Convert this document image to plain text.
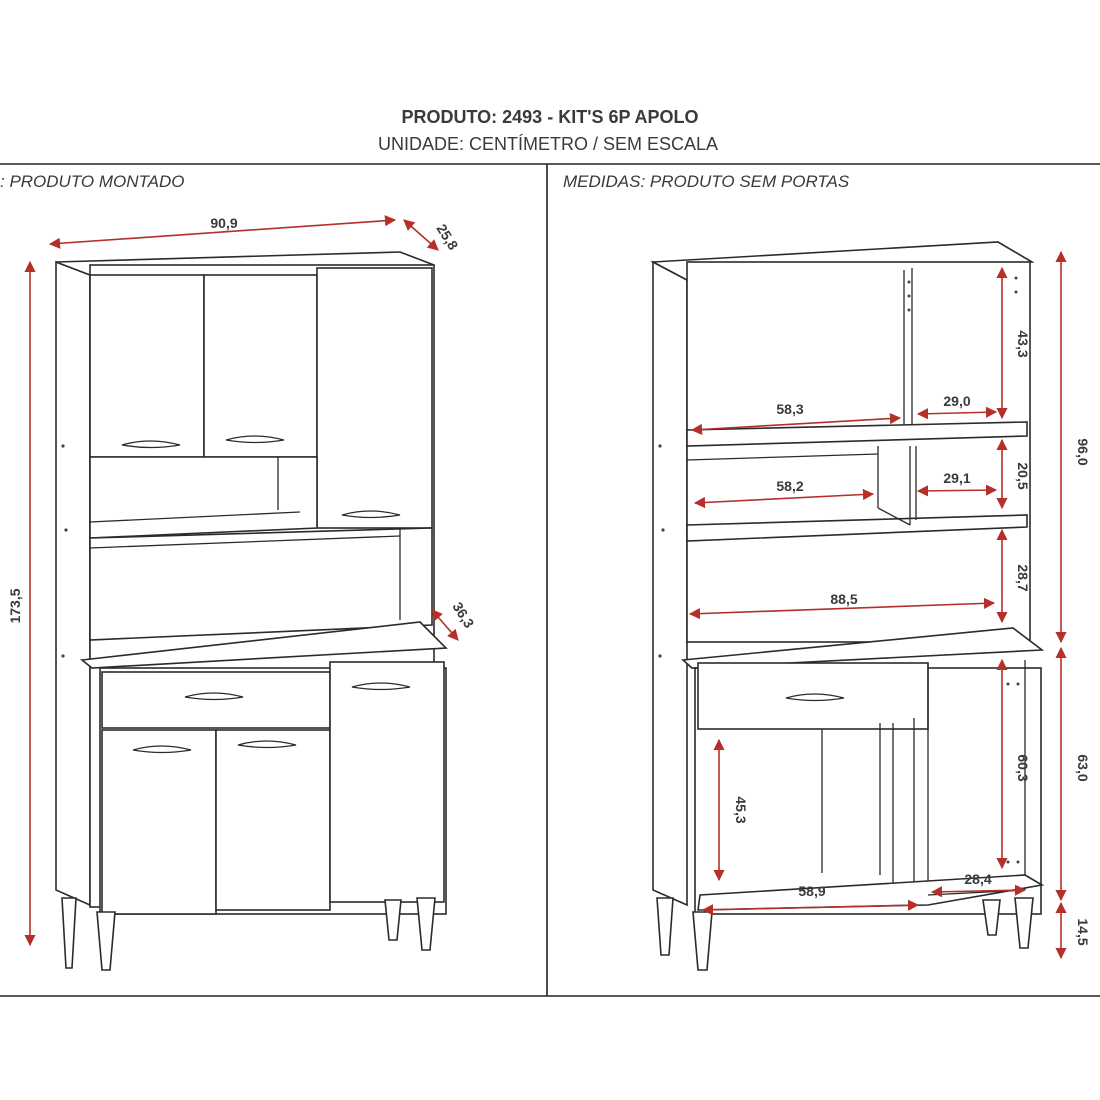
PRODUTO: 2493 - KIT'S 6P APOLO
UNIDADE: CENTÍMETRO / SEM ESCALA
: PRODUTO MONTADO	MEDIDAS: PRODUTO SEM PORTAS
90,9	25,8
173,5	36,3
58,3	29,0
43,3
58,2	29,1	20,5
88,5
28,7
96,0
63,0
14,5
45,3
60,3
58,9
28,4
